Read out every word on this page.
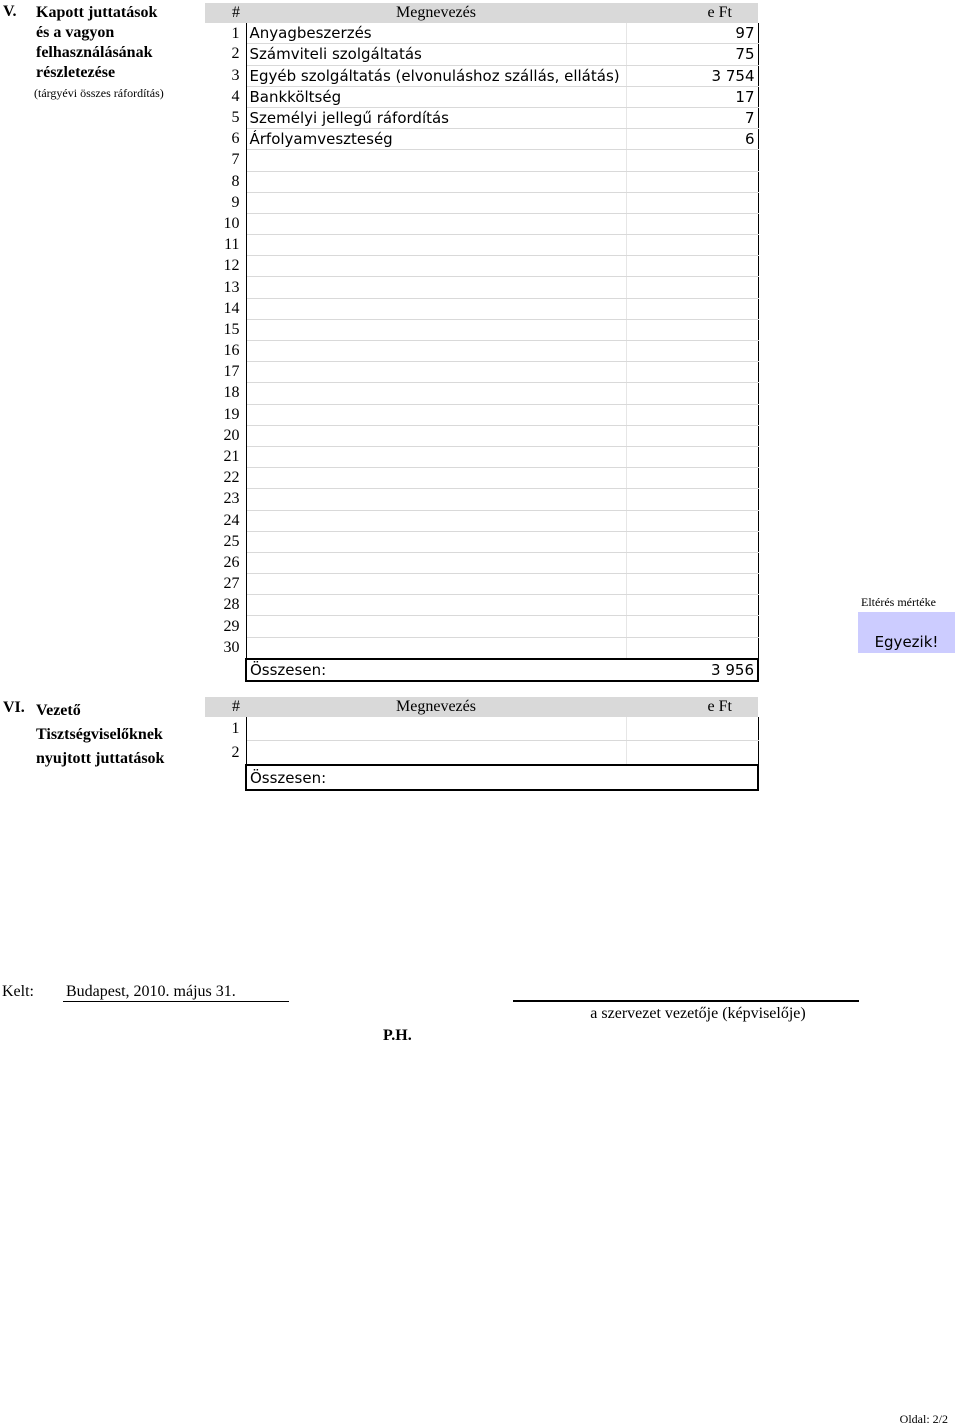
V. Kapott juttatások
és a vagyon
felhasználásának
részletezése
(tárgyévi összes ráfordítás)
#	Megnevezés	e Ft
1	Anyagbeszerzés	97
2	Számviteli szolgáltatás	75
3	Egyéb szolgáltatás (elvonuláshoz szállás, ellátás)	3 754
4	Bankköltség	17
5	Személyi jellegű ráfordítás	7
6	Árfolyamveszteség	6
7		
8		
9		
10		
11		
12		
13		
14		
15		
16		
17		
18		
19		
20		
21		
22		
23		
24		
25		
26		
27		
28		
29		
30		
	Összesen:	3 956
Eltérés mértéke
Egyezik!
VI. Vezető
Tisztségviselőknek
nyujtott juttatások
#	Megnevezés	e Ft
1		
2		
	Összesen:	
Kelt: Budapest, 2010. május 31.
a szervezet vezetője (képviselője)
P.H.
Oldal: 2/2
